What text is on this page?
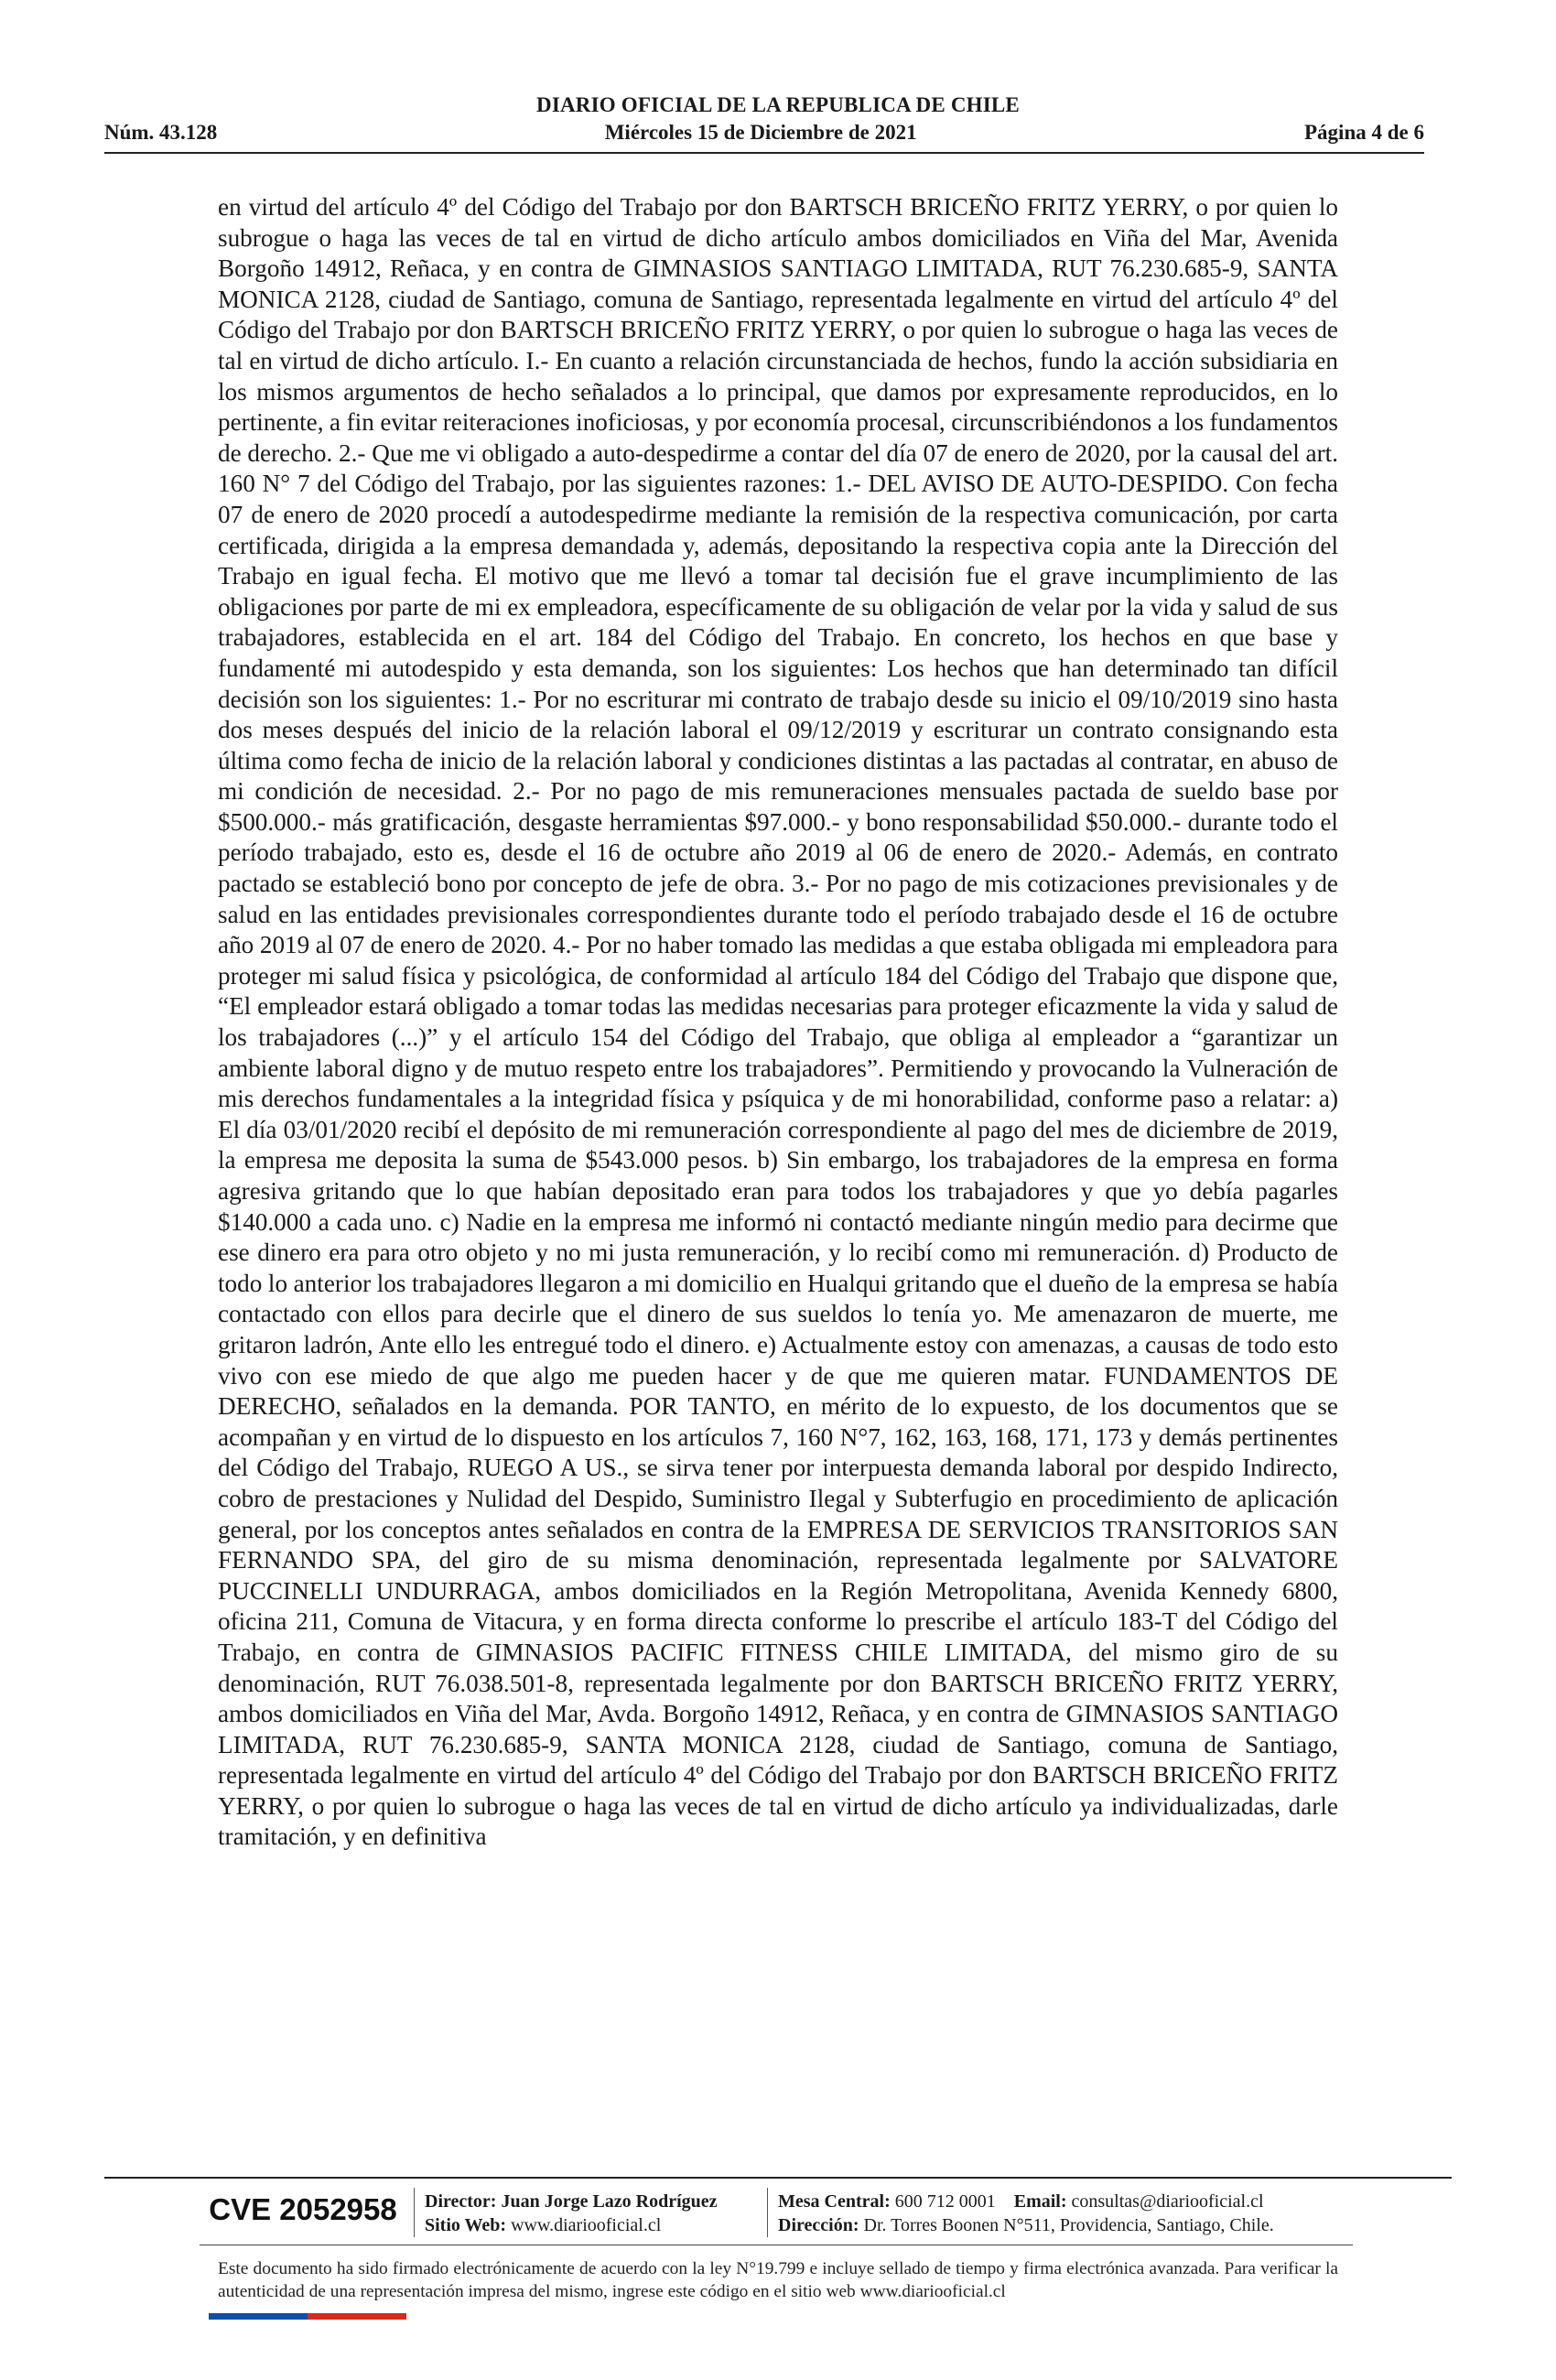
DIARIO OFICIAL DE LA REPUBLICA DE CHILE
Núm. 43.128	Miércoles 15 de Diciembre de 2021	Página 4 de 6

en virtud del artículo 4º del Código del Trabajo por don BARTSCH BRICEÑO FRITZ YERRY, o por quien lo subrogue o haga las veces de tal en virtud de dicho artículo ambos domiciliados en Viña del Mar, Avenida Borgoño 14912, Reñaca, y en contra de GIMNASIOS SANTIAGO LIMITADA, RUT 76.230.685-9, SANTA MONICA 2128, ciudad de Santiago, comuna de Santiago, representada legalmente en virtud del artículo 4º del Código del Trabajo por don BARTSCH BRICEÑO FRITZ YERRY, o por quien lo subrogue o haga las veces de tal en virtud de dicho artículo. I.- En cuanto a relación circunstanciada de hechos, fundo la acción subsidiaria en los mismos argumentos de hecho señalados a lo principal, que damos por expresamente reproducidos, en lo pertinente, a fin evitar reiteraciones inoficiosas, y por economía procesal, circunscribiéndonos a los fundamentos de derecho. 2.- Que me vi obligado a auto-despedirme a contar del día 07 de enero de 2020, por la causal del art. 160 N° 7 del Código del Trabajo, por las siguientes razones: 1.- DEL AVISO DE AUTO-DESPIDO. Con fecha 07 de enero de 2020 procedí a autodespedirme mediante la remisión de la respectiva comunicación, por carta certificada, dirigida a la empresa demandada y, además, depositando la respectiva copia ante la Dirección del Trabajo en igual fecha. El motivo que me llevó a tomar tal decisión fue el grave incumplimiento de las obligaciones por parte de mi ex empleadora, específicamente de su obligación de velar por la vida y salud de sus trabajadores, establecida en el art. 184 del Código del Trabajo. En concreto, los hechos en que base y fundamenté mi autodespido y esta demanda, son los siguientes: Los hechos que han determinado tan difícil decisión son los siguientes: 1.- Por no escriturar mi contrato de trabajo desde su inicio el 09/10/2019 sino hasta dos meses después del inicio de la relación laboral el 09/12/2019 y escriturar un contrato consignando esta última como fecha de inicio de la relación laboral y condiciones distintas a las pactadas al contratar, en abuso de mi condición de necesidad. 2.- Por no pago de mis remuneraciones mensuales pactada de sueldo base por $500.000.- más gratificación, desgaste herramientas $97.000.- y bono responsabilidad $50.000.- durante todo el período trabajado, esto es, desde el 16 de octubre año 2019 al 06 de enero de 2020.- Además, en contrato pactado se estableció bono por concepto de jefe de obra. 3.- Por no pago de mis cotizaciones previsionales y de salud en las entidades previsionales correspondientes durante todo el período trabajado desde el 16 de octubre año 2019 al 07 de enero de 2020. 4.- Por no haber tomado las medidas a que estaba obligada mi empleadora para proteger mi salud física y psicológica, de conformidad al artículo 184 del Código del Trabajo que dispone que, “El empleador estará obligado a tomar todas las medidas necesarias para proteger eficazmente la vida y salud de los trabajadores (...)” y el artículo 154 del Código del Trabajo, que obliga al empleador a “garantizar un ambiente laboral digno y de mutuo respeto entre los trabajadores”. Permitiendo y provocando la Vulneración de mis derechos fundamentales a la integridad física y psíquica y de mi honorabilidad, conforme paso a relatar: a) El día 03/01/2020 recibí el depósito de mi remuneración correspondiente al pago del mes de diciembre de 2019, la empresa me deposita la suma de $543.000 pesos. b) Sin embargo, los trabajadores de la empresa en forma agresiva gritando que lo que habían depositado eran para todos los trabajadores y que yo debía pagarles $140.000 a cada uno. c) Nadie en la empresa me informó ni contactó mediante ningún medio para decirme que ese dinero era para otro objeto y no mi justa remuneración, y lo recibí como mi remuneración. d) Producto de todo lo anterior los trabajadores llegaron a mi domicilio en Hualqui gritando que el dueño de la empresa se había contactado con ellos para decirle que el dinero de sus sueldos lo tenía yo. Me amenazaron de muerte, me gritaron ladrón, Ante ello les entregué todo el dinero. e) Actualmente estoy con amenazas, a causas de todo esto vivo con ese miedo de que algo me pueden hacer y de que me quieren matar. FUNDAMENTOS DE DERECHO, señalados en la demanda. POR TANTO, en mérito de lo expuesto, de los documentos que se acompañan y en virtud de lo dispuesto en los artículos 7, 160 N°7, 162, 163, 168, 171, 173 y demás pertinentes del Código del Trabajo, RUEGO A US., se sirva tener por interpuesta demanda laboral por despido Indirecto, cobro de prestaciones y Nulidad del Despido, Suministro Ilegal y Subterfugio en procedimiento de aplicación general, por los conceptos antes señalados en contra de la EMPRESA DE SERVICIOS TRANSITORIOS SAN FERNANDO SPA, del giro de su misma denominación, representada legalmente por SALVATORE PUCCINELLI UNDURRAGA, ambos domiciliados en la Región Metropolitana, Avenida Kennedy 6800, oficina 211, Comuna de Vitacura, y en forma directa conforme lo prescribe el artículo 183-T del Código del Trabajo, en contra de GIMNASIOS PACIFIC FITNESS CHILE LIMITADA, del mismo giro de su denominación, RUT 76.038.501-8, representada legalmente por don BARTSCH BRICEÑO FRITZ YERRY, ambos domiciliados en Viña del Mar, Avda. Borgoño 14912, Reñaca, y en contra de GIMNASIOS SANTIAGO LIMITADA, RUT 76.230.685-9, SANTA MONICA 2128, ciudad de Santiago, comuna de Santiago, representada legalmente en virtud del artículo 4º del Código del Trabajo por don BARTSCH BRICEÑO FRITZ YERRY, o por quien lo subrogue o haga las veces de tal en virtud de dicho artículo ya individualizadas, darle tramitación, y en definitiva

CVE 2052958	Director: Juan Jorge Lazo Rodríguez
Sitio Web: www.diariooficial.cl
Mesa Central: 600 712 0001 Email: consultas@diariooficial.cl
Dirección: Dr. Torres Boonen N°511, Providencia, Santiago, Chile.
Este documento ha sido firmado electrónicamente de acuerdo con la ley N°19.799 e incluye sellado de tiempo y firma electrónica avanzada. Para verificar la autenticidad de una representación impresa del mismo, ingrese este código en el sitio web www.diariooficial.cl
